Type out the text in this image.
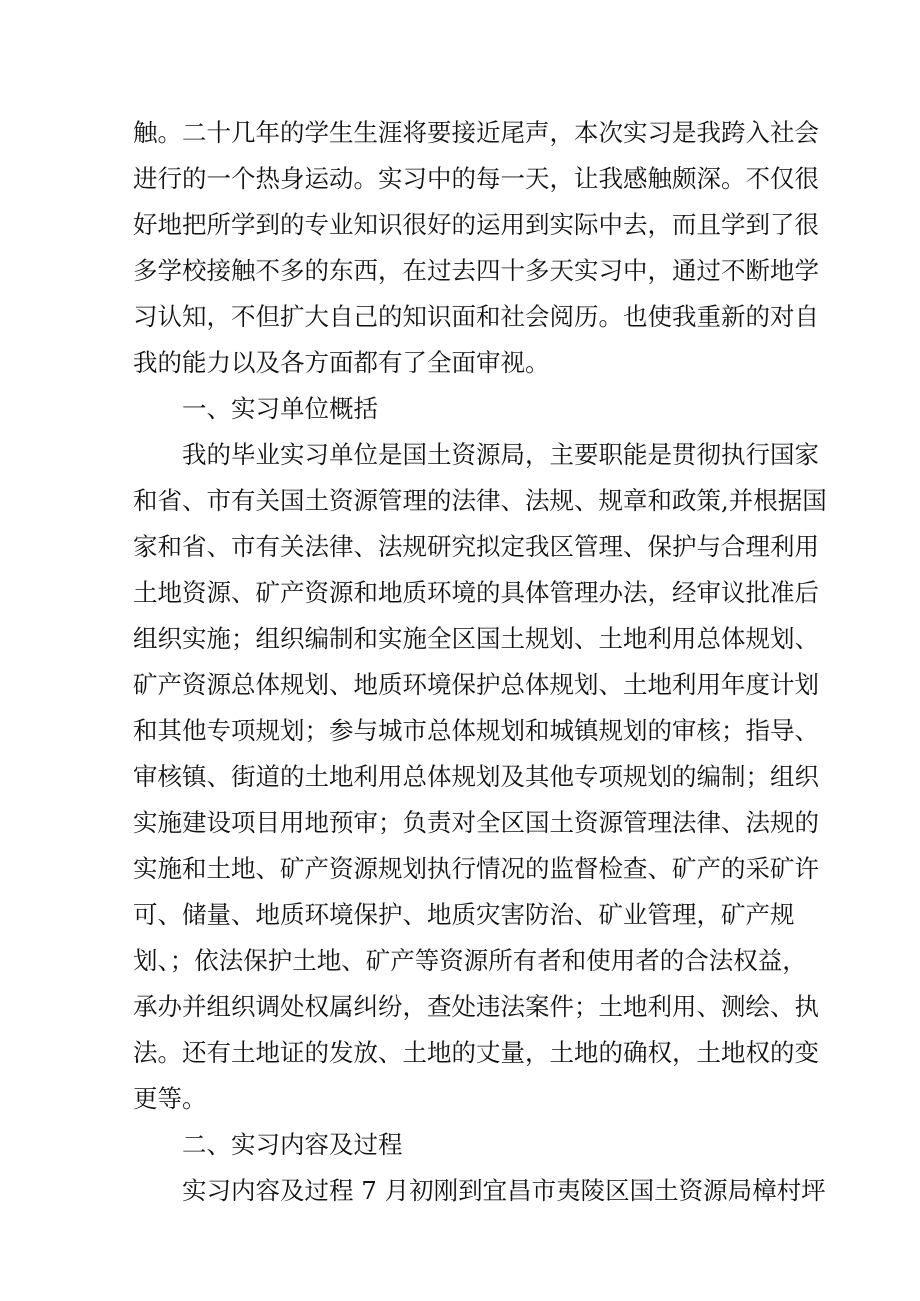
触。二十几年的学生生涯将要接近尾声，本次实习是我跨入社会
进行的一个热身运动。实习中的每一天，让我感触颇深。不仅很
好地把所学到的专业知识很好的运用到实际中去，而且学到了很
多学校接触不多的东西，在过去四十多天实习中，通过不断地学
习认知，不但扩大自己的知识面和社会阅历。也使我重新的对自
我的能力以及各方面都有了全面审视。
一、实习单位概括
我的毕业实习单位是国土资源局，主要职能是贯彻执行国家
和省、市有关国土资源管理的法律、法规、规章和政策,并根据国
家和省、市有关法律、法规研究拟定我区管理、保护与合理利用
土地资源、矿产资源和地质环境的具体管理办法，经审议批准后
组织实施；组织编制和实施全区国土规划、土地利用总体规划、
矿产资源总体规划、地质环境保护总体规划、土地利用年度计划
和其他专项规划；参与城市总体规划和城镇规划的审核；指导、
审核镇、街道的土地利用总体规划及其他专项规划的编制；组织
实施建设项目用地预审；负责对全区国土资源管理法律、法规的
实施和土地、矿产资源规划执行情况的监督检查、矿产的采矿许
可、储量、地质环境保护、地质灾害防治、矿业管理，矿产规
划、；依法保护土地、矿产等资源所有者和使用者的合法权益，
承办并组织调处权属纠纷，查处违法案件；土地利用、测绘、执
法。还有土地证的发放、土地的丈量，土地的确权，土地权的变
更等。
二、实习内容及过程
实习内容及过程 7 月初刚到宜昌市夷陵区国土资源局樟村坪
